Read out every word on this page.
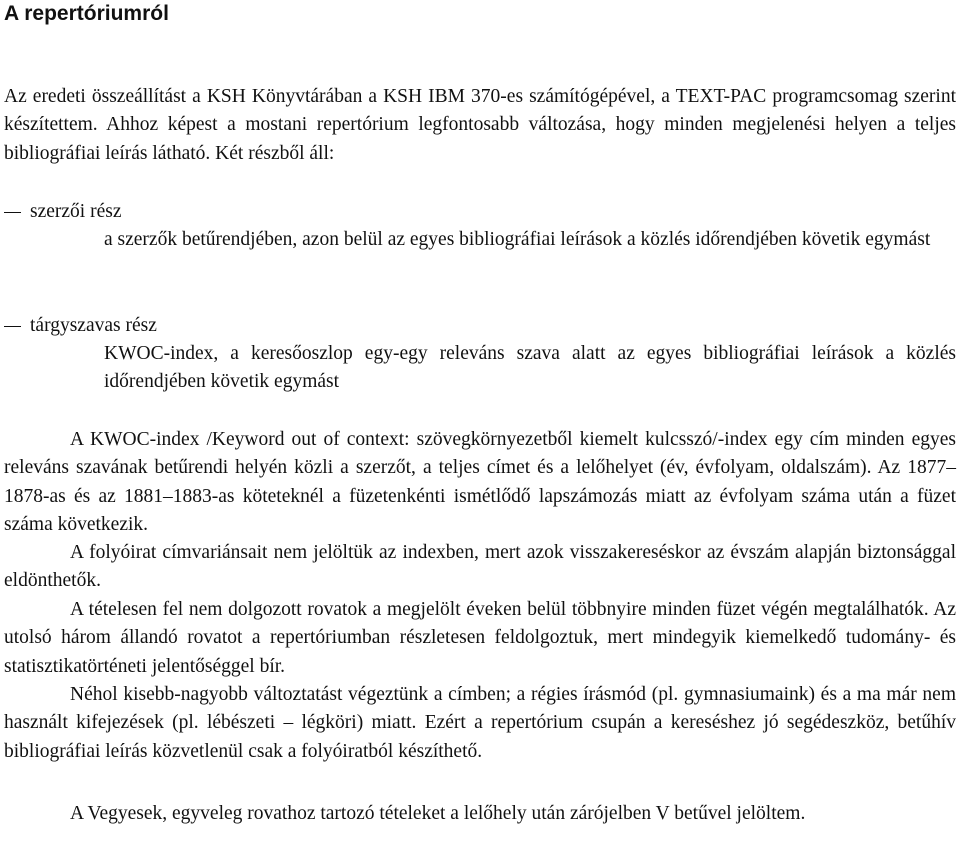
A repertóriumról

Az eredeti összeállítást a KSH Könyvtárában a KSH IBM 370-es számítógépével, a TEXT-PAC programcsomag szerint készítettem. Ahhoz képest a mostani repertórium legfontosabb változása, hogy minden megjelenési helyen a teljes bibliográfiai leírás látható. Két részből áll:

szerzői rész

a szerzők betűrendjében, azon belül az egyes bibliográfiai leírások a közlés időrendjében követik egymást

tárgyszavas rész

KWOC-index, a keresőoszlop egy-egy releváns szava alatt az egyes bibliográfiai leírások a közlés időrendjében követik egymást

A KWOC-index /Keyword out of context: szövegkörnyezetből kiemelt kulcsszó/-index egy cím minden egyes releváns szavának betűrendi helyén közli a szerzőt, a teljes címet és a lelőhelyet (év, évfolyam, oldalszám). Az 1877–1878-as és az 1881–1883-as köteteknél a füzetenkénti ismétlődő lapszámozás miatt az évfolyam száma után a füzet száma következik.

A folyóirat címvariánsait nem jelöltük az indexben, mert azok visszakereséskor az évszám alapján biztonsággal eldönthetők.

A tételesen fel nem dolgozott rovatok a megjelölt éveken belül többnyire minden füzet végén megtalálhatók. Az utolsó három állandó rovatot a repertóriumban részletesen feldolgoztuk, mert mindegyik kiemelkedő tudomány- és statisztikatörténeti jelentőséggel bír.

Néhol kisebb-nagyobb változtatást végeztünk a címben; a régies írásmód (pl. gymnasiumaink) és a ma már nem használt kifejezések (pl. lébészeti – légköri) miatt. Ezért a repertórium csupán a kereséshez jó segédeszköz, betűhív bibliográfiai leírás közvetlenül csak a folyóiratból készíthető.

A Vegyesek, egyveleg rovathoz tartozó tételeket a lelőhely után zárójelben V betűvel jelöltem.
